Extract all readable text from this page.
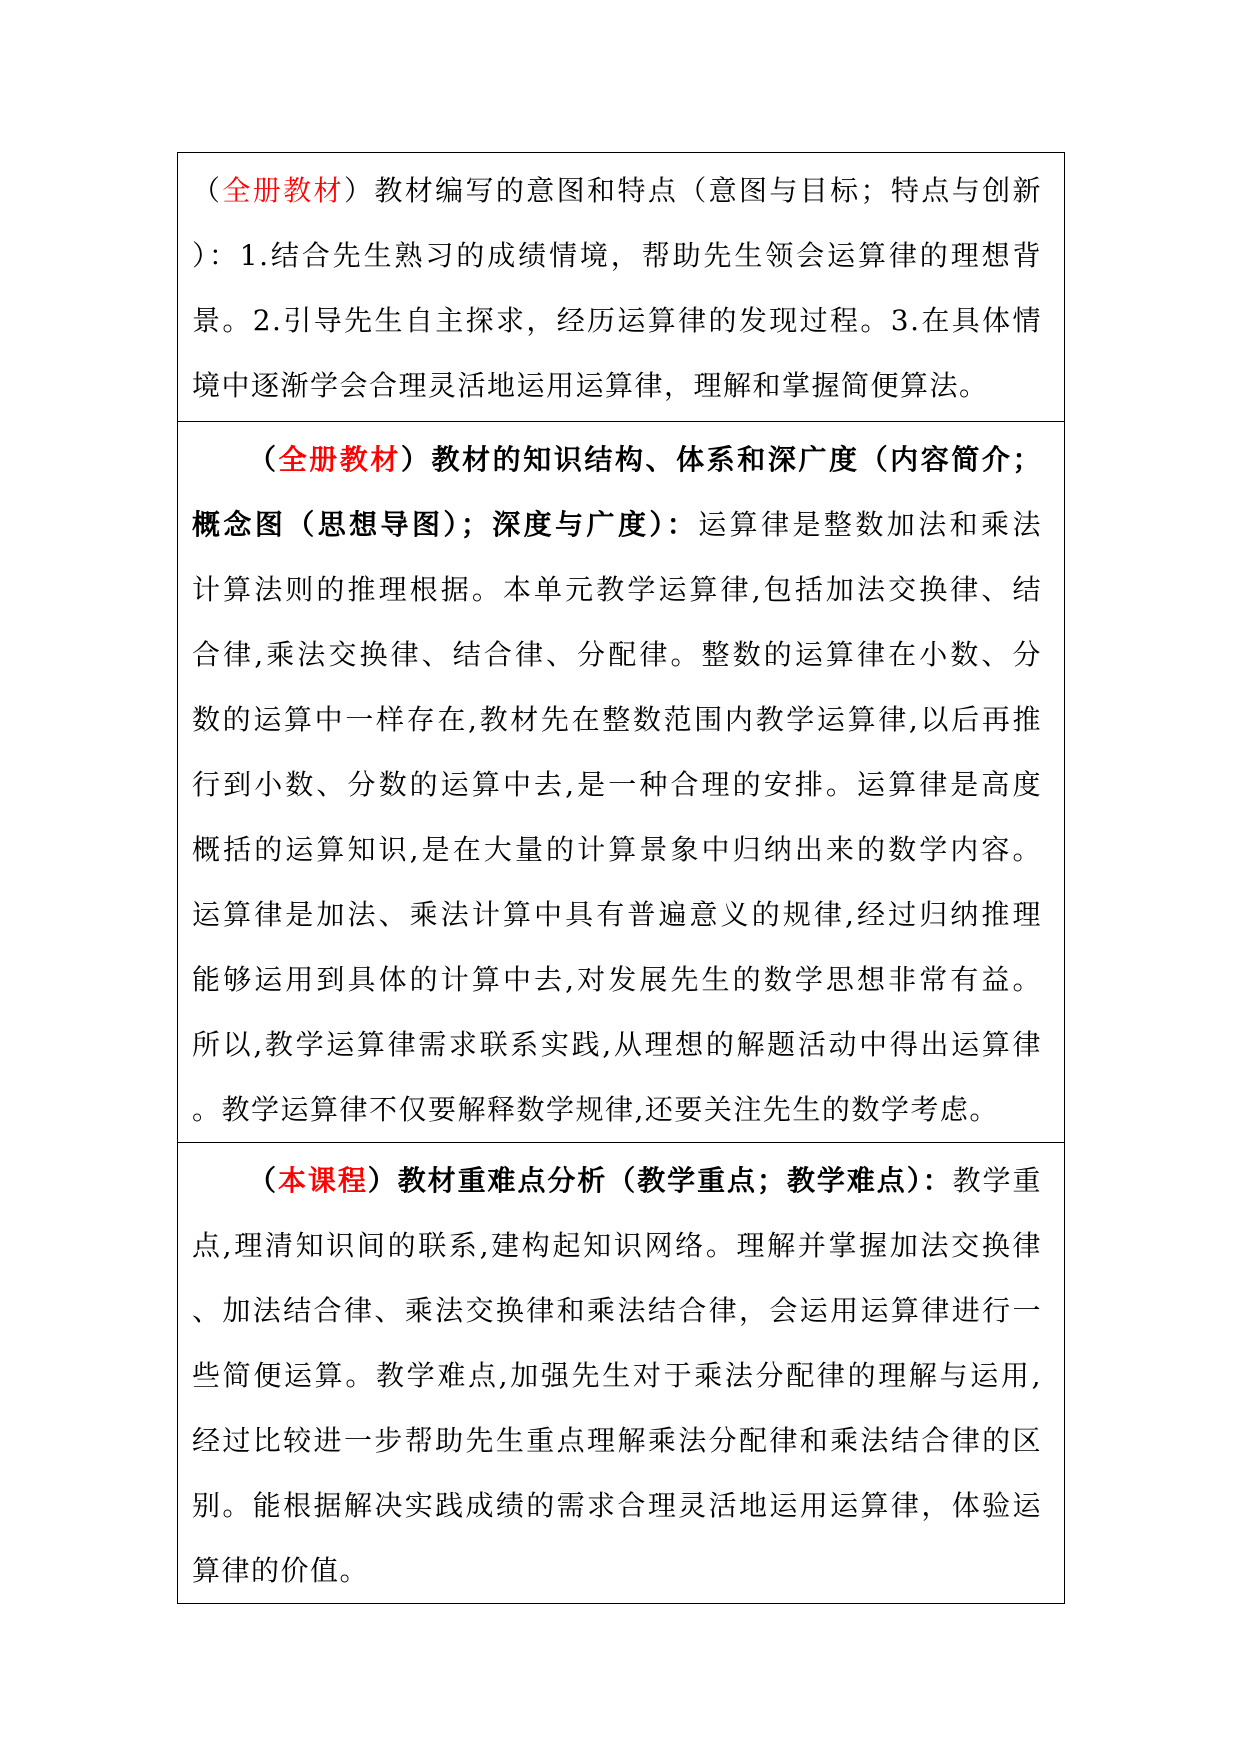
（全册教材）教材编写的意图和特点（意图与目标；特点与创新
）：1.结合先生熟习的成绩情境，帮助先生领会运算律的理想背
景。2.引导先生自主探求，经历运算律的发现过程。3.在具体情
境中逐渐学会合理灵活地运用运算律，理解和掌握简便算法。
（全册教材）教材的知识结构、体系和深广度（内容简介；
概念图（思想导图）；深度与广度）：运算律是整数加法和乘法
计算法则的推理根据。本单元教学运算律,包括加法交换律、结
合律,乘法交换律、结合律、分配律。整数的运算律在小数、分
数的运算中一样存在,教材先在整数范围内教学运算律,以后再推
行到小数、分数的运算中去,是一种合理的安排。运算律是高度
概括的运算知识,是在大量的计算景象中归纳出来的数学内容。
运算律是加法、乘法计算中具有普遍意义的规律,经过归纳推理
能够运用到具体的计算中去,对发展先生的数学思想非常有益。
所以,教学运算律需求联系实践,从理想的解题活动中得出运算律
。教学运算律不仅要解释数学规律,还要关注先生的数学考虑。
（本课程）教材重难点分析（教学重点；教学难点）：教学重
点,理清知识间的联系,建构起知识网络。理解并掌握加法交换律
、加法结合律、乘法交换律和乘法结合律，会运用运算律进行一
些简便运算。教学难点,加强先生对于乘法分配律的理解与运用,
经过比较进一步帮助先生重点理解乘法分配律和乘法结合律的区
别。能根据解决实践成绩的需求合理灵活地运用运算律，体验运
算律的价值。
